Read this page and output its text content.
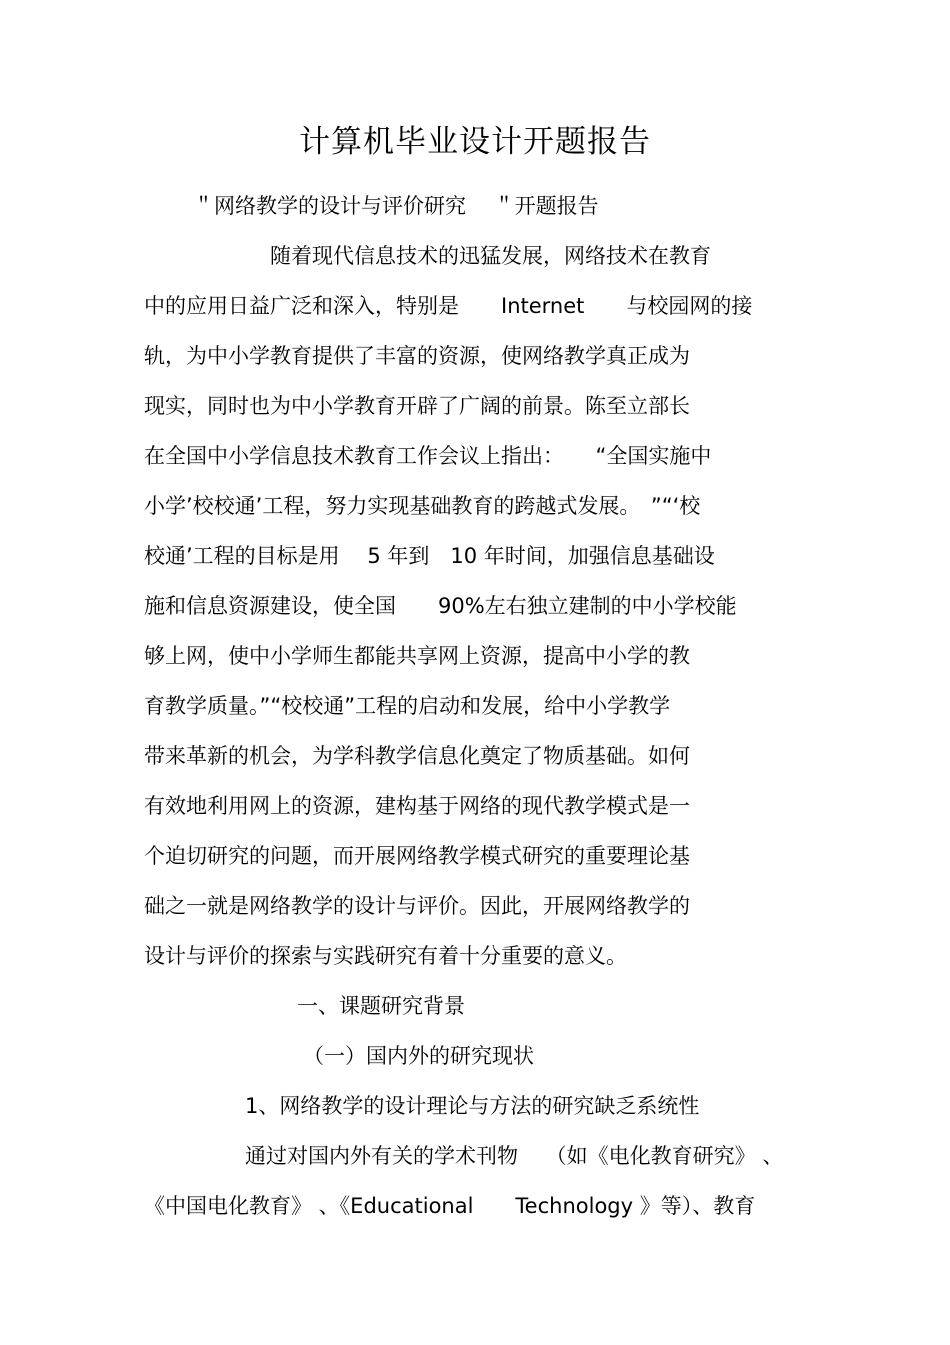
计算机毕业设计开题报告
＂网络教学的设计与评价研究　 ＂开题报告
随着现代信息技术的迅猛发展，网络技术在教育
中的应用日益广泛和深入，特别是　　Internet　　与校园网的接
轨，为中小学教育提供了丰富的资源，使网络教学真正成为
现实，同时也为中小学教育开辟了广阔的前景。陈至立部长
在全国中小学信息技术教育工作会议上指出：　　“全国实施中
小学’校校通’工程，努力实现基础教育的跨越式发展。　”“‘校
校通’工程的目标是用　 5 年到　10 年时间，加强信息基础设
施和信息资源建设，使全国　　90%左右独立建制的中小学校能
够上网，使中小学师生都能共享网上资源，提高中小学的教
育教学质量。”“校校通”工程的启动和发展，给中小学教学
带来革新的机会，为学科教学信息化奠定了物质基础。如何
有效地利用网上的资源，建构基于网络的现代教学模式是一
个迫切研究的问题，而开展网络教学模式研究的重要理论基
础之一就是网络教学的设计与评价。因此，开展网络教学的
设计与评价的探索与实践研究有着十分重要的意义。
一、课题研究背景
（一）国内外的研究现状
1、网络教学的设计理论与方法的研究缺乏系统性
通过对国内外有关的学术刊物　 （如《电化教育研究》 、
《中国电化教育》 、《Educational　　Technology 》等）、教育
